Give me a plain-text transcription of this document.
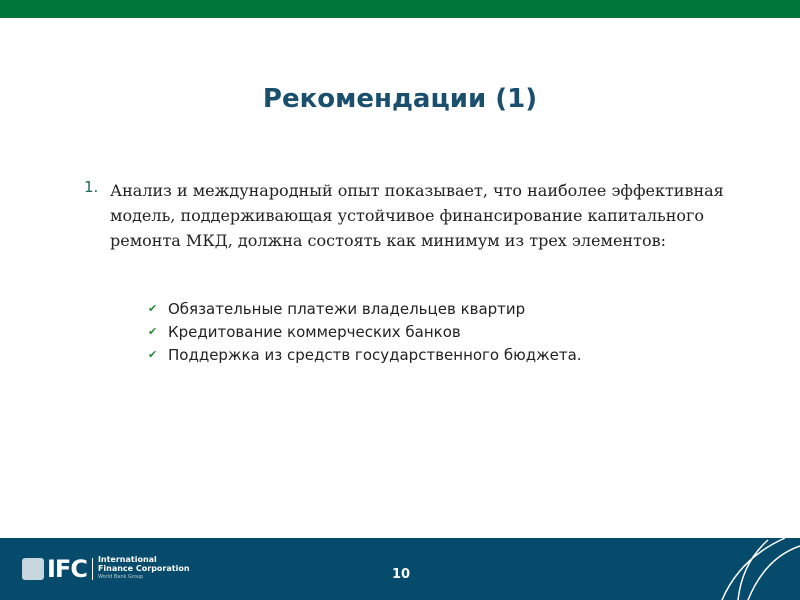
Рекомендации (1)
1. Анализ и международный опыт показывает, что наиболее эффективная модель, поддерживающая устойчивое финансирование капитального ремонта МКД, должна состоять как минимум из трех элементов:
✔ Обязательные платежи владельцев квартир
✔ Кредитование коммерческих банков
✔ Поддержка из средств государственного бюджета.
IFC International
Finance Corporation
World Bank Group	10
